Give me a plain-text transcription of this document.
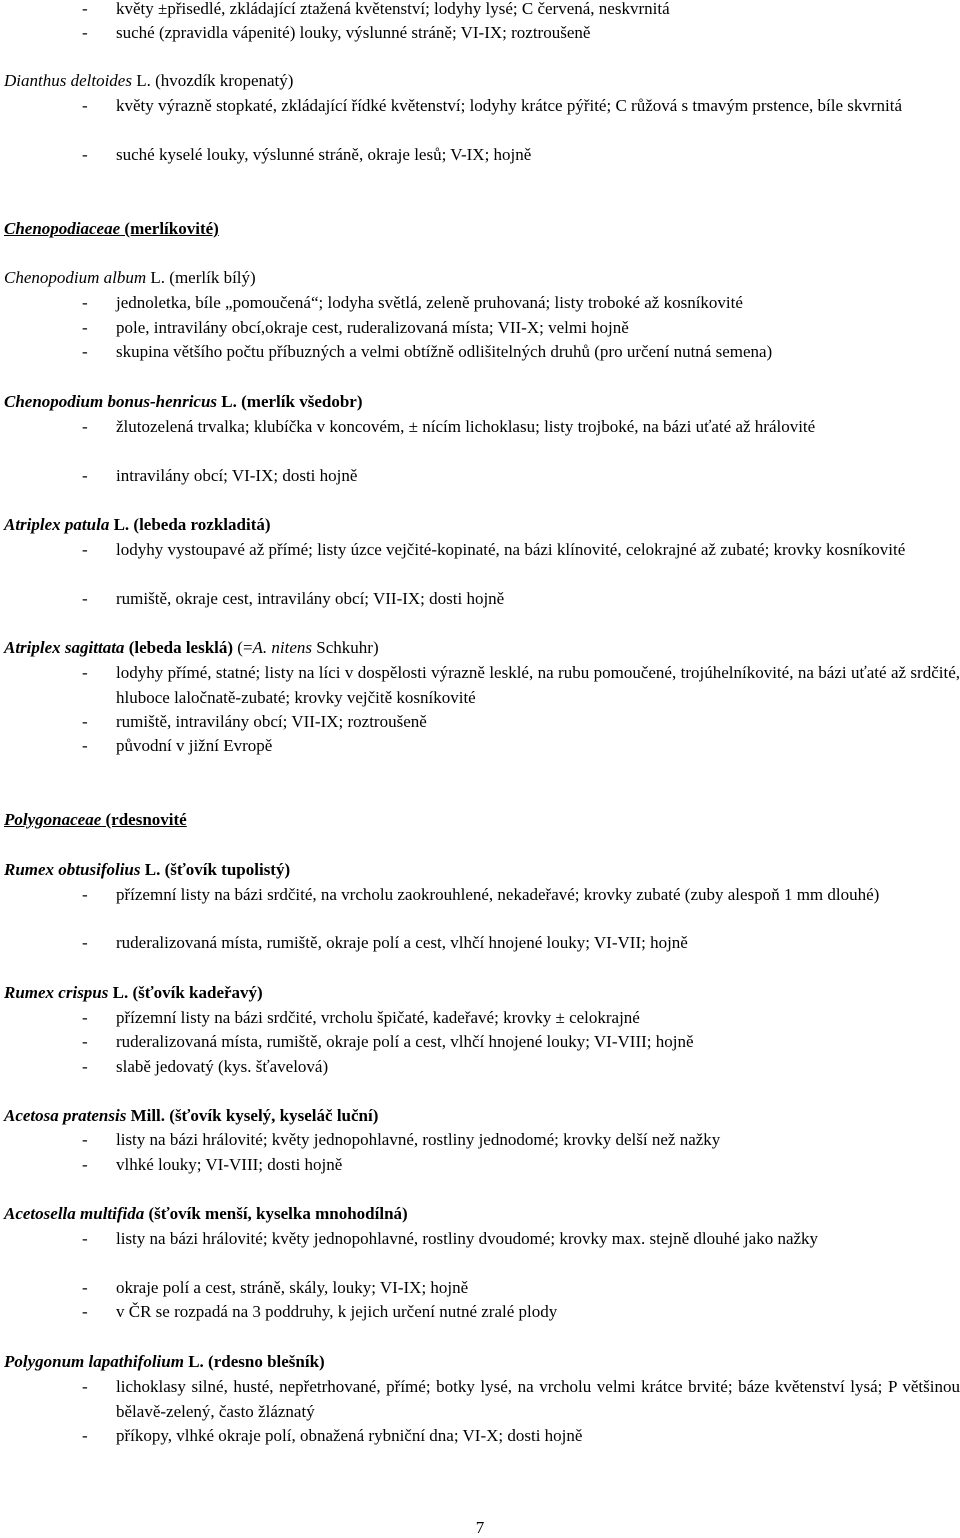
- květy ±přisedlé, zkládající ztažená květenství; lodyhy lysé; C červená, neskvrnitá
- suché (zpravidla vápenité) louky, výslunné stráně; VI-IX; roztroušeně
Dianthus deltoides L. (hvozdík kropenatý)
- květy výrazně stopkaté, zkládající řídké květenství; lodyhy krátce pýřité; C růžová s tmavým prstence, bíle skvrnitá
- suché kyselé louky, výslunné stráně, okraje lesů; V-IX; hojně
Chenopodiaceae (merlíkovité)
Chenopodium album L. (merlík bílý)
- jednoletka, bíle „pomoučená“; lodyha světlá, zeleně pruhovaná; listy troboké až kosníkovité
- pole, intravilány obcí,okraje cest, ruderalizovaná místa; VII-X; velmi hojně
- skupina většího počtu příbuzných a velmi obtížně odlišitelných druhů (pro určení nutná semena)
Chenopodium bonus-henricus L. (merlík všedobr)
- žlutozelená trvalka; klubíčka v koncovém, ± nícím lichoklasu; listy trojboké, na bázi uťaté až hrálovité
- intravilány obcí; VI-IX; dosti hojně
Atriplex patula L. (lebeda rozkladitá)
- lodyhy vystoupavé až přímé; listy úzce vejčité-kopinaté, na bázi klínovité, celokrajné až zubaté; krovky kosníkovité
- rumiště, okraje cest, intravilány obcí; VII-IX; dosti hojně
Atriplex sagittata (lebeda lesklá) (=A. nitens Schkuhr)
- lodyhy přímé, statné; listy na líci v dospělosti výrazně lesklé, na rubu pomoučené, trojúhelníkovité, na bázi uťaté až srdčité, hluboce laločnatě-zubaté; krovky vejčitě kosníkovité
- rumiště, intravilány obcí; VII-IX; roztroušeně
- původní v jižní Evropě
Polygonaceae (rdesnovité
Rumex obtusifolius L. (šťovík tupolistý)
- přízemní listy na bázi srdčité, na vrcholu zaokrouhlené, nekadeřavé; krovky zubaté (zuby alespoň 1 mm dlouhé)
- ruderalizovaná místa, rumiště, okraje polí a cest, vlhčí hnojené louky; VI-VII; hojně
Rumex crispus L. (šťovík kadeřavý)
- přízemní listy na bázi srdčité, vrcholu špičaté, kadeřavé; krovky ± celokrajné
- ruderalizovaná místa, rumiště, okraje polí a cest, vlhčí hnojené louky; VI-VIII; hojně
- slabě jedovatý (kys. šťavelová)
Acetosa pratensis Mill. (šťovík kyselý, kyseláč luční)
- listy na bázi hrálovité; květy jednopohlavné, rostliny jednodomé; krovky delší než nažky
- vlhké louky; VI-VIII; dosti hojně
Acetosella multifida (šťovík menší, kyselka mnohodílná)
- listy na bázi hrálovité; květy jednopohlavné, rostliny dvoudomé; krovky max. stejně dlouhé jako nažky
- okraje polí a cest, stráně, skály, louky; VI-IX; hojně
- v ČR se rozpadá na 3 poddruhy, k jejich určení nutné zralé plody
Polygonum lapathifolium L. (rdesno blešník)
- lichoklasy silné, husté, nepřetrhované, přímé; botky lysé, na vrcholu velmi krátce brvité; báze květenství lysá; P většinou bělavě-zelený, často žláznatý
- příkopy, vlhké okraje polí, obnažená rybniční dna; VI-X; dosti hojně
7
